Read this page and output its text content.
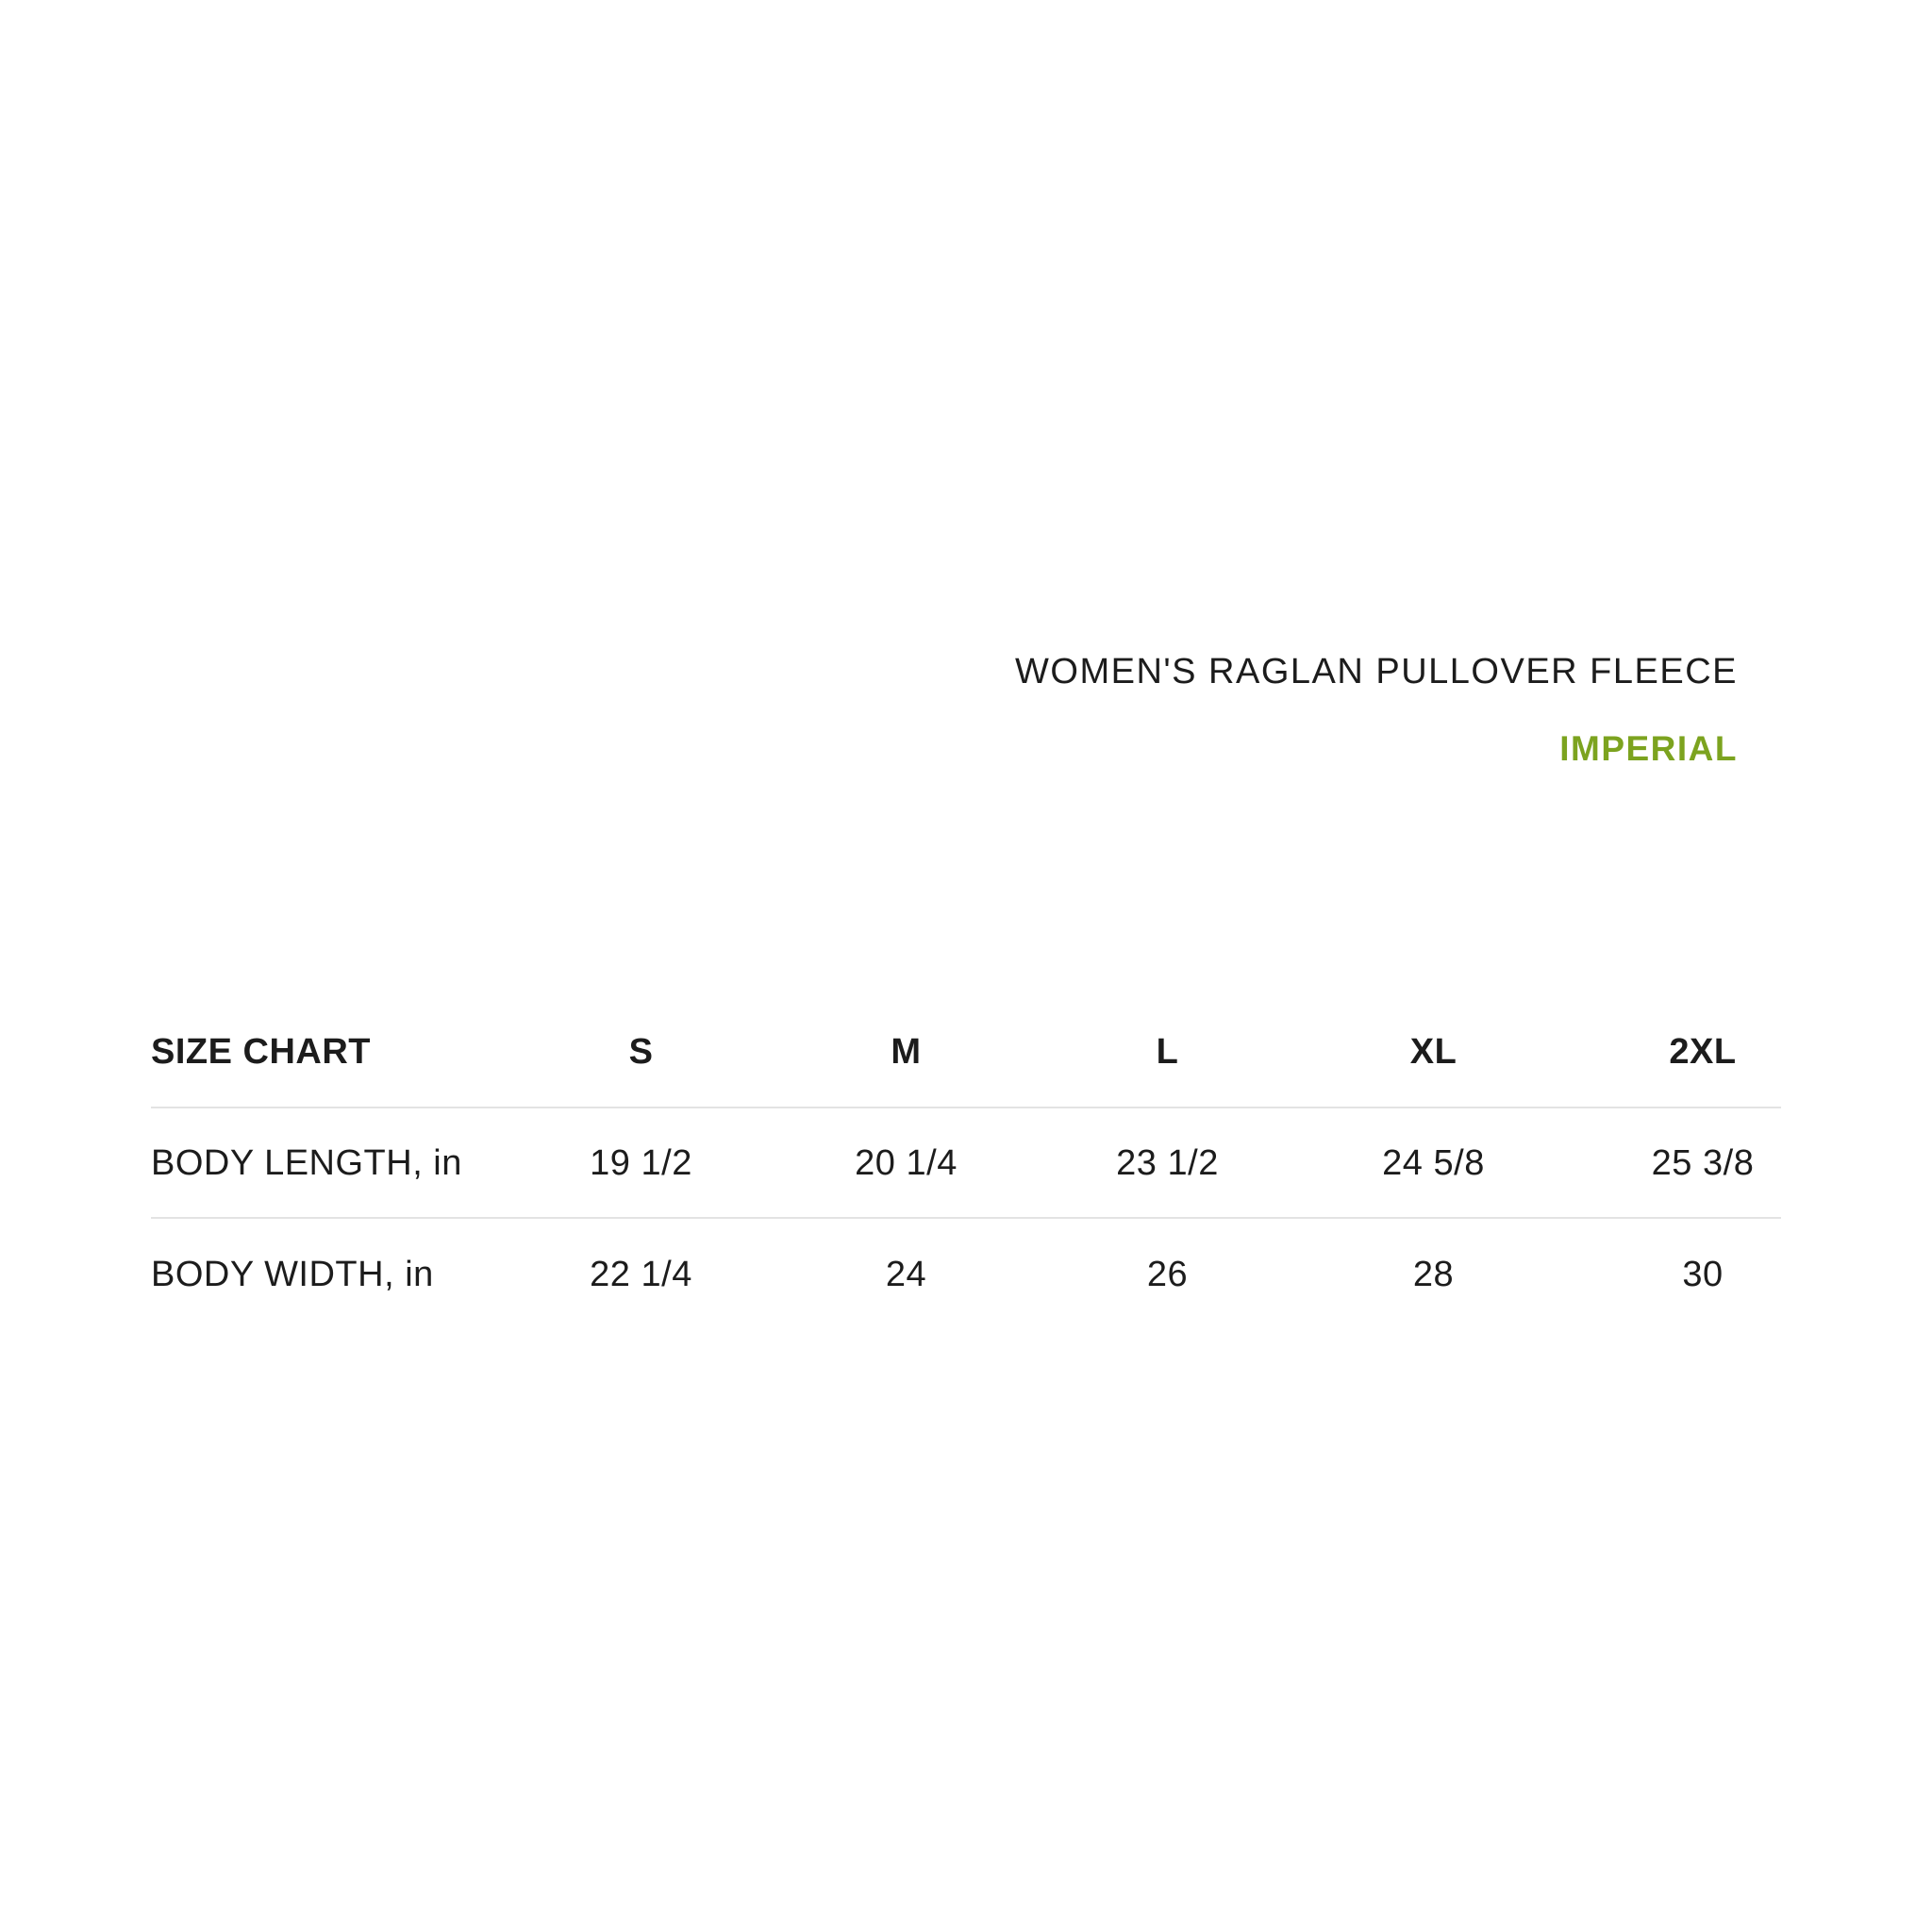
WOMEN'S RAGLAN PULLOVER FLEECE
IMPERIAL
SIZE CHART	S	M	L	XL	2XL
BODY LENGTH, in	19 1/2	20 1/4	23 1/2	24 5/8	25 3/8
BODY WIDTH, in	22 1/4	24	26	28	30
